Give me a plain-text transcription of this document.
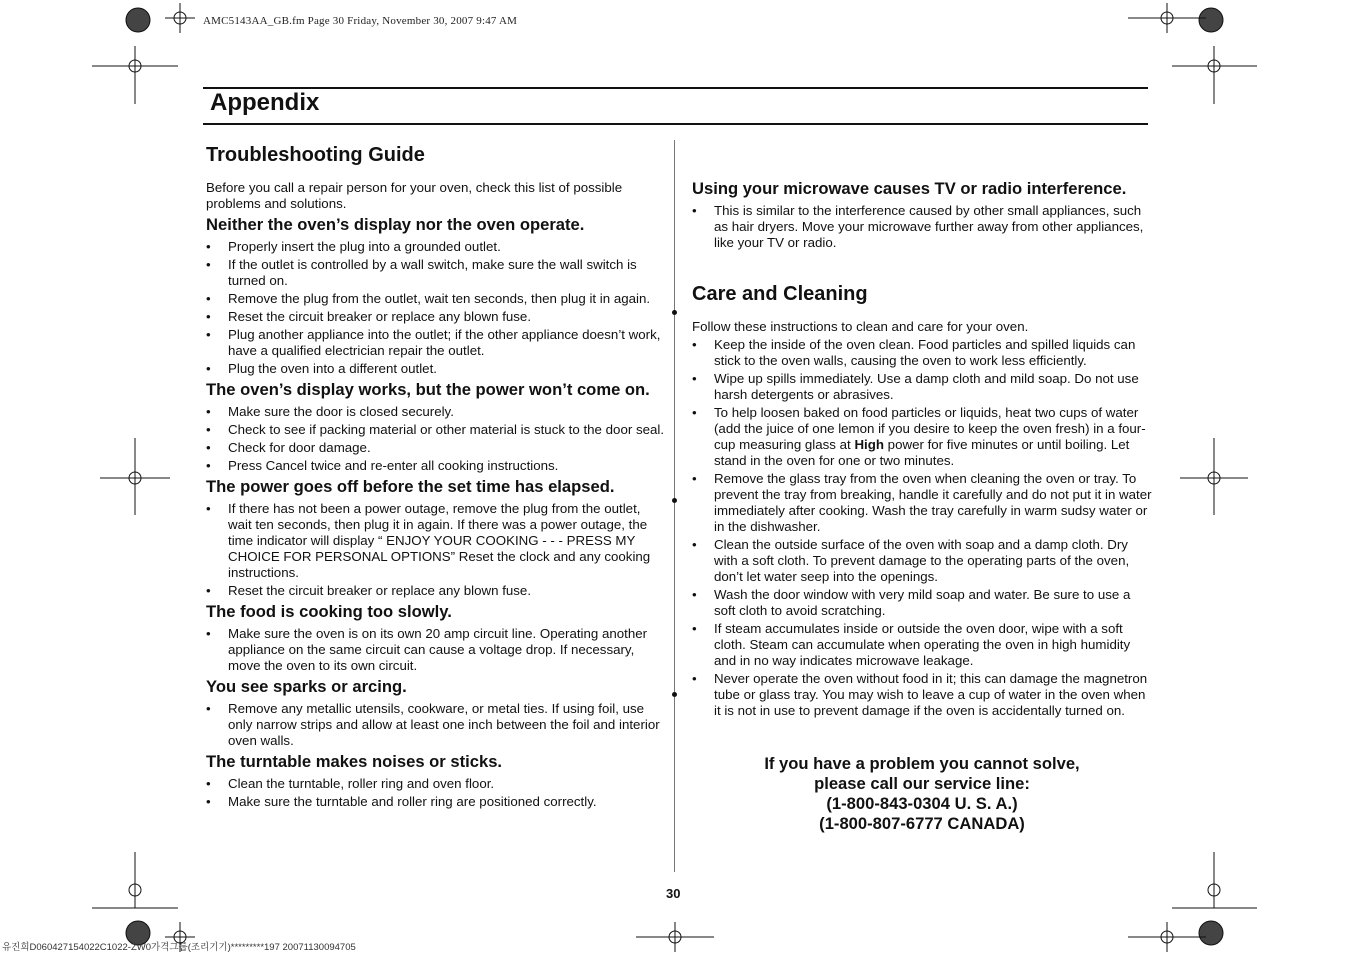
AMC5143AA_GB.fm Page 30 Friday, November 30, 2007 9:47 AM
Appendix
Troubleshooting Guide

Before you call a repair person for your oven, check this list of possible problems and solutions.

Neither the oven’s display nor the oven operate.
• Properly insert the plug into a grounded outlet.
• If the outlet is controlled by a wall switch, make sure the wall switch is turned on.
• Remove the plug from the outlet, wait ten seconds, then plug it in again.
• Reset the circuit breaker or replace any blown fuse.
• Plug another appliance into the outlet; if the other appliance doesn’t work, have a qualified electrician repair the outlet.
• Plug the oven into a different outlet.
The oven’s display works, but the power won’t come on.
• Make sure the door is closed securely.
• Check to see if packing material or other material is stuck to the door seal.
• Check for door damage.
• Press Cancel twice and re-enter all cooking instructions.
The power goes off before the set time has elapsed.
• If there has not been a power outage, remove the plug from the outlet, wait ten seconds, then plug it in again. If there was a power outage, the time indicator will display “ ENJOY YOUR COOKING - - - PRESS MY CHOICE FOR PERSONAL OPTIONS” Reset the clock and any cooking instructions.
• Reset the circuit breaker or replace any blown fuse.
The food is cooking too slowly.
• Make sure the oven is on its own 20 amp circuit line. Operating another appliance on the same circuit can cause a voltage drop. If necessary, move the oven to its own circuit.
You see sparks or arcing.
• Remove any metallic utensils, cookware, or metal ties. If using foil, use only narrow strips and allow at least one inch between the foil and interior oven walls.
The turntable makes noises or sticks.
• Clean the turntable, roller ring and oven floor.
• Make sure the turntable and roller ring are positioned correctly.
Using your microwave causes TV or radio interference.
• This is similar to the interference caused by other small appliances, such as hair dryers. Move your microwave further away from other appliances, like your TV or radio.
Care and Cleaning

Follow these instructions to clean and care for your oven.

• Keep the inside of the oven clean. Food particles and spilled liquids can stick to the oven walls, causing the oven to work less efficiently.
• Wipe up spills immediately. Use a damp cloth and mild soap. Do not use harsh detergents or abrasives.
• To help loosen baked on food particles or liquids, heat two cups of water (add the juice of one lemon if you desire to keep the oven fresh) in a four-cup measuring glass at High power for five minutes or until boiling. Let stand in the oven for one or two minutes.
• Remove the glass tray from the oven when cleaning the oven or tray. To prevent the tray from breaking, handle it carefully and do not put it in water immediately after cooking. Wash the tray carefully in warm sudsy water or in the dishwasher.
• Clean the outside surface of the oven with soap and a damp cloth. Dry with a soft cloth. To prevent damage to the operating parts of the oven, don’t let water seep into the openings.
• Wash the door window with very mild soap and water. Be sure to use a soft cloth to avoid scratching.
• If steam accumulates inside or outside the oven door, wipe with a soft cloth. Steam can accumulate when operating the oven in high humidity and in no way indicates microwave leakage.
• Never operate the oven without food in it; this can damage the magnetron tube or glass tray. You may wish to leave a cup of water in the oven when it is not in use to prevent damage if the oven is accidentally turned on.
If you have a problem you cannot solve,
please call our service line:
(1-800-843-0304 U. S. A.)
(1-800-807-6777 CANADA)
30
유진희D060427154022C1022-ZW0가격그룹(조리기기)*********197 20071130094705
